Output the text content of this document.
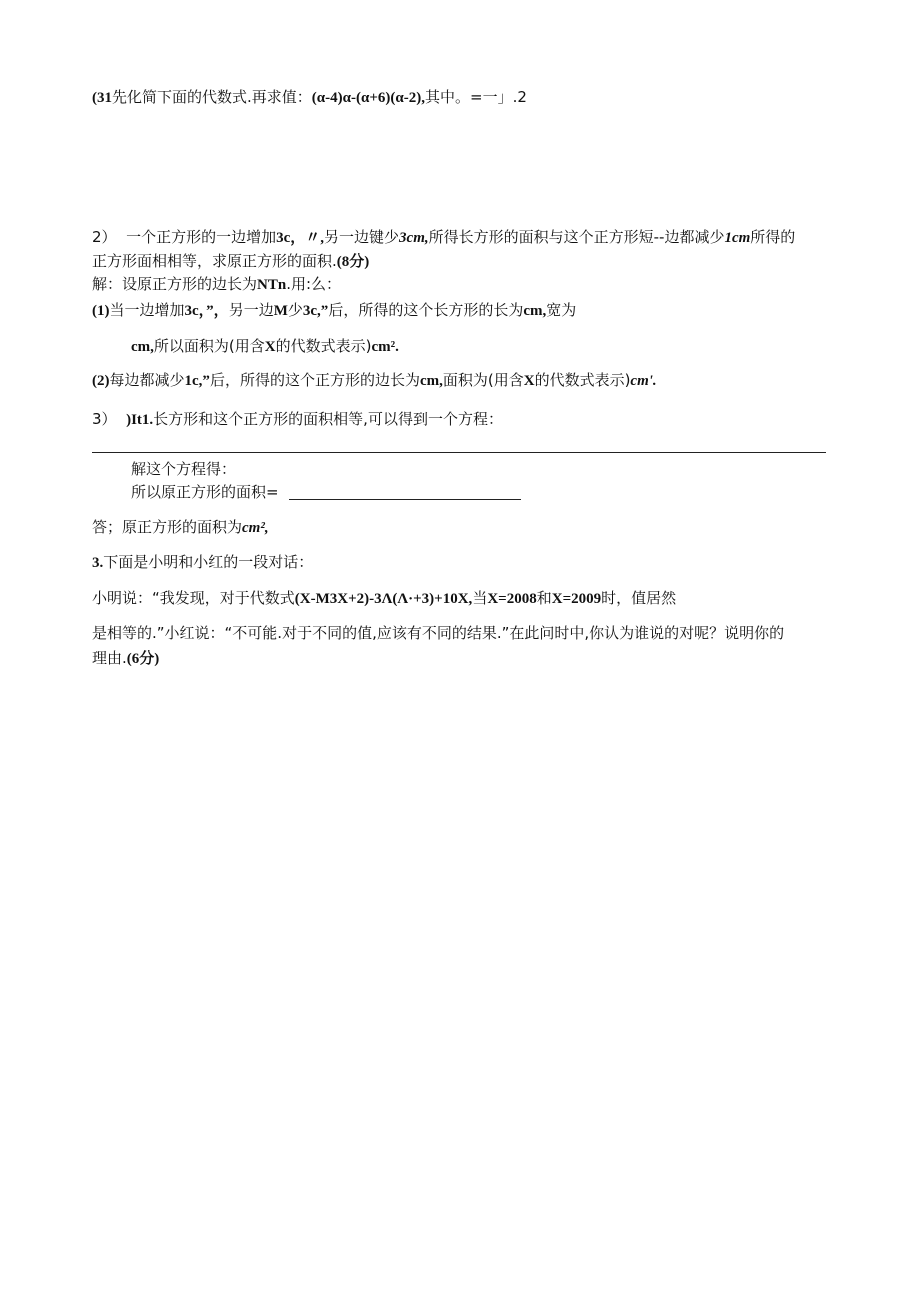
(31先化简下面的代数式.再求值：(α-4)α-(α+6)(α-2),其中。=一」.2
2） 一个正方形的一边增加3c，〃,另一边键少3cm,所得长方形的面积与这个正方形短--边都减少1cm所得的
正方形面相相等，求原正方形的面积.(8分)
解：设原正方形的边长为NTn.用:么：
(1)当一边增加3c，”，另一边M少3c,”后，所得的这个长方形的长为cm,宽为
cm,所以面积为(用含X的代数式表示)cm².
(2)每边都减少1c,”后，所得的这个正方形的边长为cm,面积为(用含X的代数式表示)cm'.
3） )It1.长方形和这个正方形的面积相等,可以得到一个方程：
解这个方程得：
所以原正方形的面积=
答；原正方形的面积为cm²,
3.下面是小明和小红的一段对话：
小明说：“我发现，对于代数式(X-M3X+2)-3Λ(Λ·+3)+10X,当X=2008和X=2009时，值居然
是相等的.”小红说：“不可能.对于不同的值,应该有不同的结果.”在此问时中,你认为谁说的对呢？说明你的
理由.(6分)
